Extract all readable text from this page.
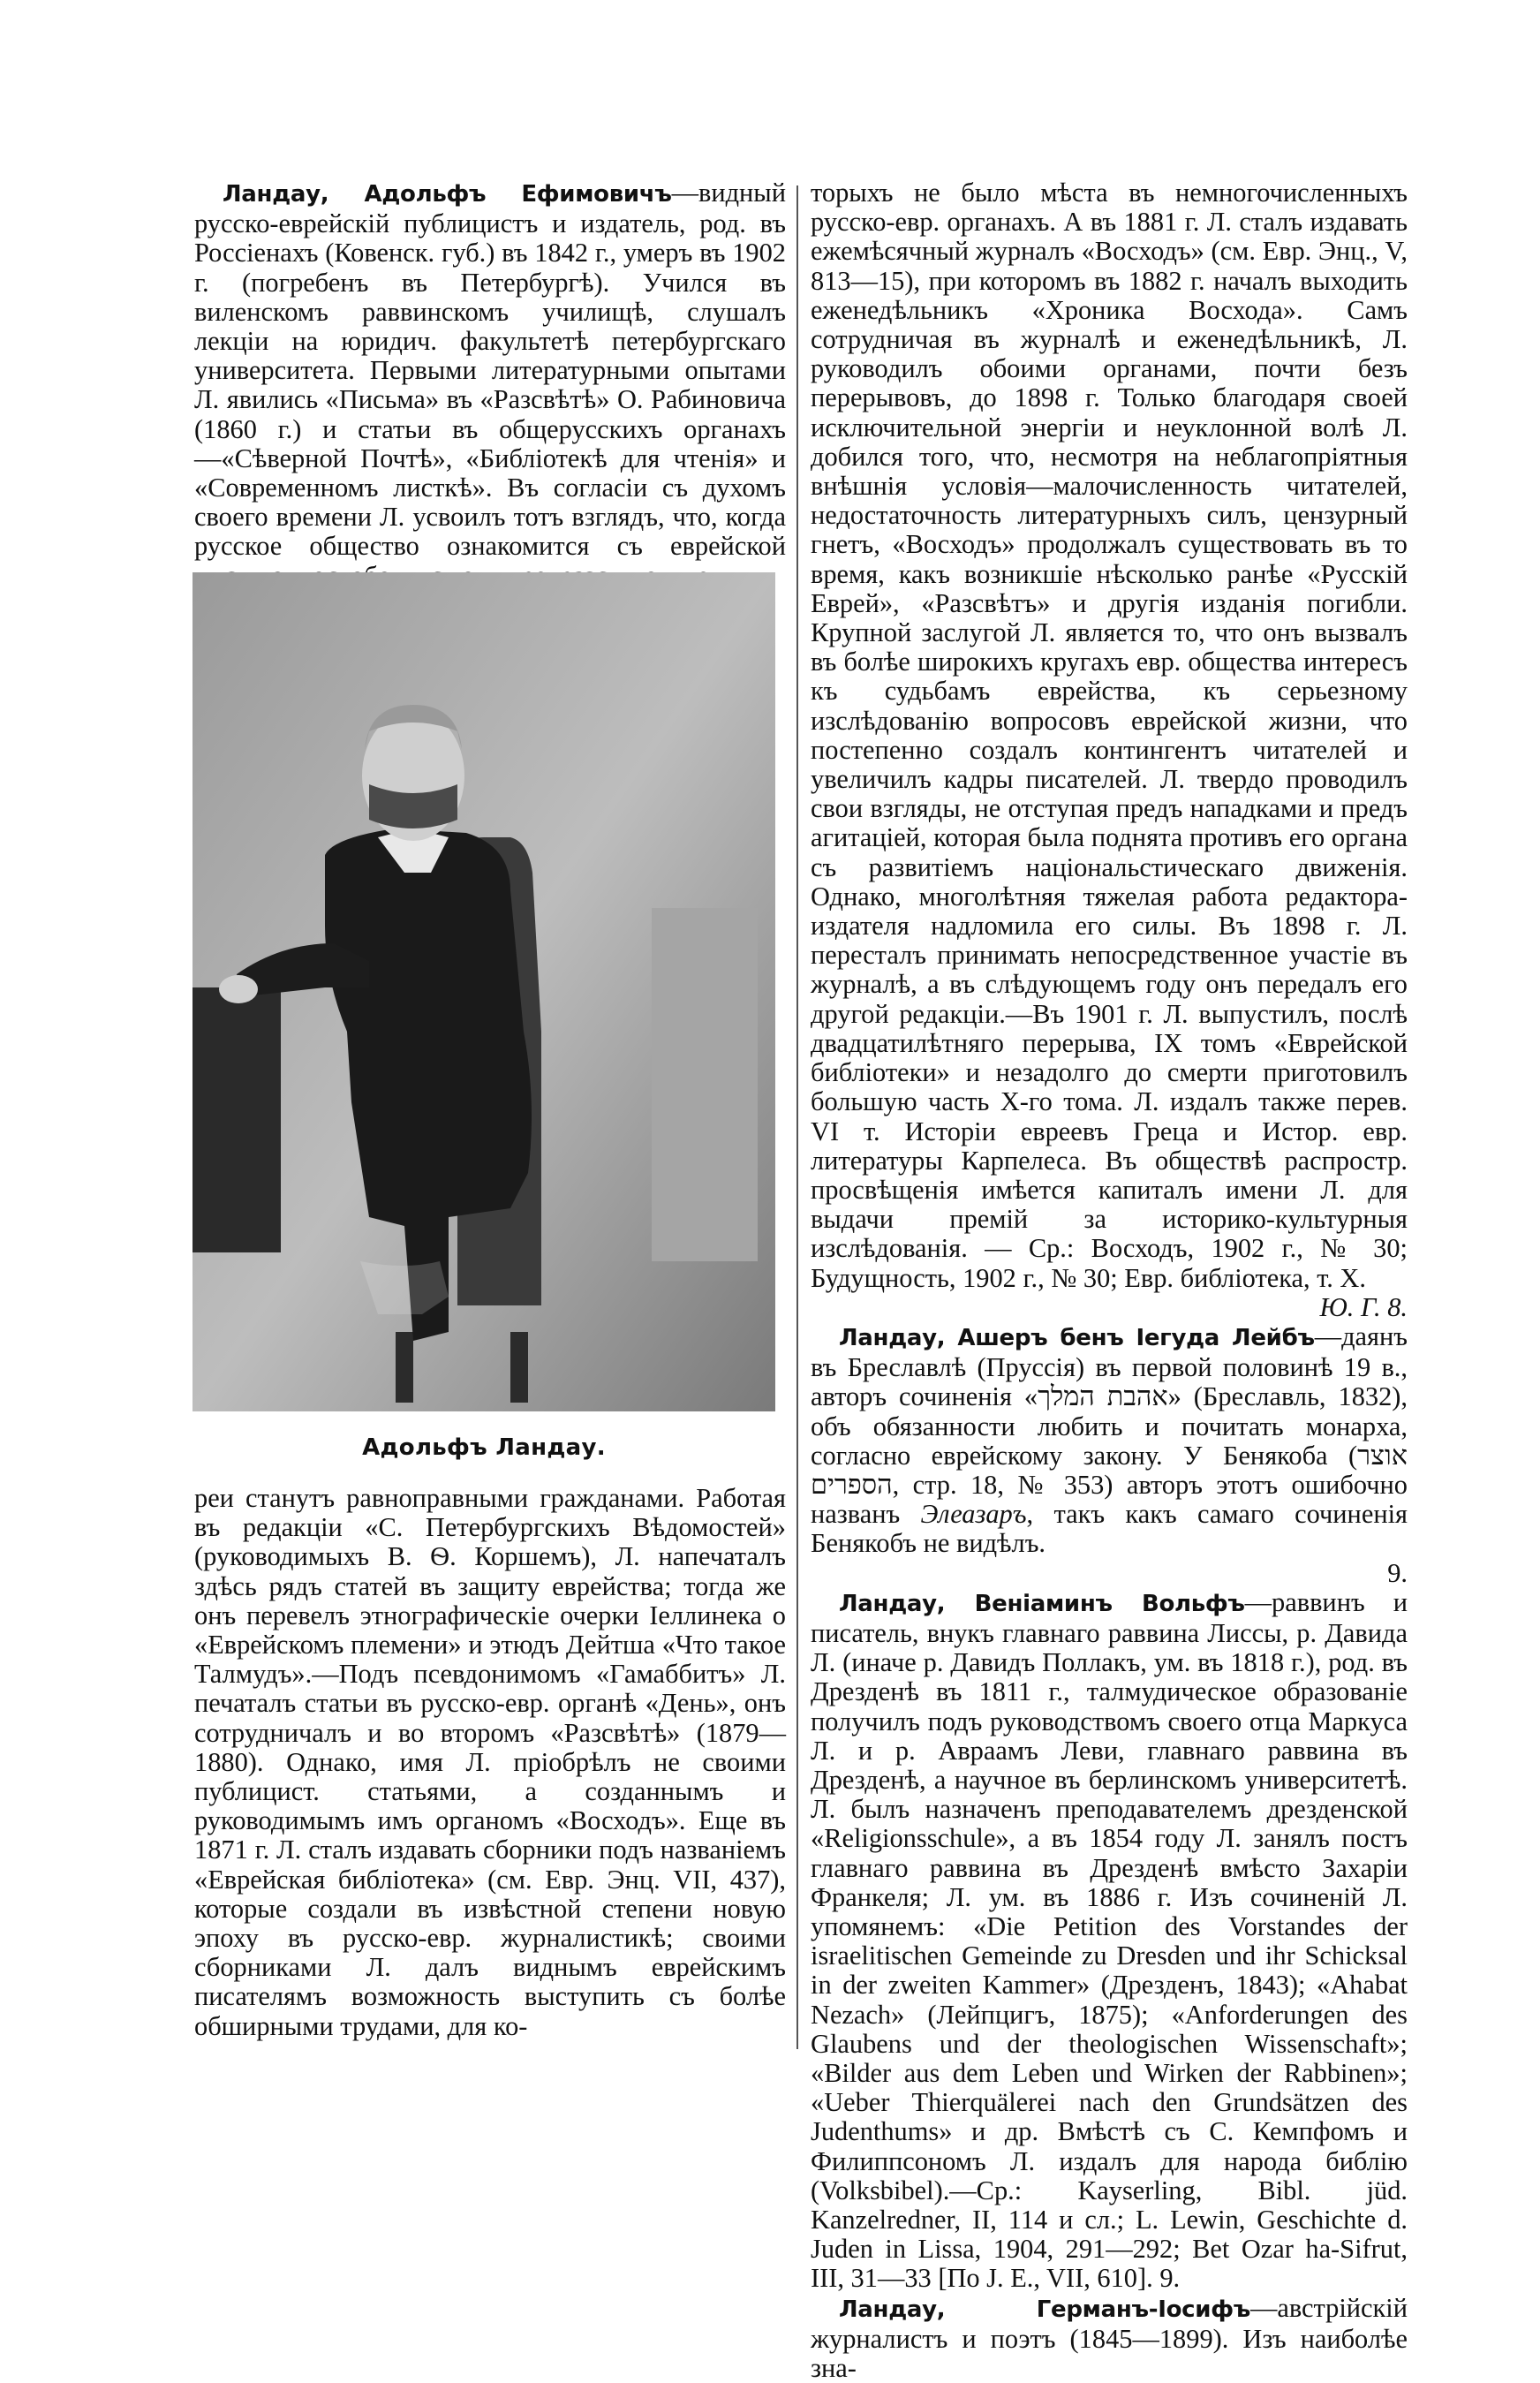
Ландау, Адольфъ Ефимовичъ—видный русско-еврейскій публицистъ и издатель, род. въ Россіенахъ (Ковенск. губ.) въ 1842 г., умеръ въ 1902 г. (погребенъ въ Петербургѣ). Учился въ виленскомъ раввинскомъ училищѣ, слушалъ лекціи на юридич. факультетѣ петербургскаго университета. Первыми литературными опытами Л. явились «Письма» въ «Разсвѣтѣ» О. Рабиновича (1860 г.) и статьи въ общерусскихъ органахъ—«Сѣверной Почтѣ», «Библіотекѣ для чтенія» и «Современномъ листкѣ». Въ согласіи съ духомъ своего времени Л. усвоилъ тотъ взглядъ, что, когда русское общество ознакомится съ еврейской

Адольфъ Ландау.

реи станутъ равноправными гражданами. Работая въ редакціи «С. Петербургскихъ Вѣдомостей» (руководимыхъ В. Ѳ. Коршемъ), Л. напечаталъ здѣсь рядъ статей въ защиту еврейства; тогда же онъ перевелъ этнографическіе очерки Іеллинека о «Еврейскомъ племени» и этюдъ Дейтша «Что такое Талмудъ».—Подъ псевдонимомъ «Гамаббитъ» Л. печаталъ статьи въ русско-евр. органѣ «День», онъ сотрудничалъ и во второмъ «Разсвѣтѣ» (1879—1880). Однако, имя Л. пріобрѣлъ не своими публицист. статьями, а созданнымъ и руководимымъ имъ органомъ «Восходъ». Еще въ 1871 г. Л. сталъ издавать сборники подъ названіемъ «Еврейская библіотека» (см. Евр. Энц. VII, 437), которые создали въ извѣстной степени новую эпоху въ русско-евр. журналистикѣ; своими сборниками Л. далъ виднымъ еврейскимъ писателямъ возможность выступить съ болѣе обширными трудами, для ко-

торыхъ не было мѣста въ немногочисленныхъ русско-евр. органахъ. А въ 1881 г. Л. сталъ издавать ежемѣсячный журналъ «Восходъ» (см. Евр. Энц., V, 813—15), при которомъ въ 1882 г. началъ выходить еженедѣльникъ «Хроника Восхода». Самъ сотрудничая въ журналѣ и еженедѣльникѣ, Л. руководилъ обоими органами, почти безъ перерывовъ, до 1898 г. Только благодаря своей исключительной энергіи и неуклонной волѣ Л. добился того, что, несмотря на неблагопріятныя внѣшнія условія—малочисленность читателей, недостаточность литературныхъ силъ, цензурный гнетъ, «Восходъ» продолжалъ существовать въ то время, какъ возникшіе нѣсколько ранѣе «Русскій Еврей», «Разсвѣтъ» и другія изданія погибли. Крупной заслугой Л. является то, что онъ вызвалъ въ болѣе широкихъ кругахъ евр. общества интересъ къ судьбамъ еврейства, къ серьезному изслѣдованію вопросовъ еврейской жизни, что постепенно создалъ контингентъ читателей и увеличилъ кадры писателей. Л. твердо проводилъ свои взгляды, не отступая предъ нападками и предъ агитаціей, которая была поднята противъ его органа съ развитіемъ національстическаго движенія. Однако, многолѣтняя тяжелая работа редактора-издателя надломила его силы. Въ 1898 г. Л. пересталъ принимать непосредственное участіе въ журналѣ, а въ слѣдующемъ году онъ передалъ его другой редакціи.—Въ 1901 г. Л. выпустилъ, послѣ двадцатилѣтняго перерыва, IX томъ «Еврейской библіотеки» и незадолго до смерти приготовилъ большую часть X-го тома. Л. издалъ также перев. VI т. Исторіи евреевъ Греца и Истор. евр. литературы Карпелеса. Въ обществѣ распростр. просвѣщенія имѣется капиталъ имени Л. для выдачи премій за историко-культурныя изслѣдованія. — Ср.: Восходъ, 1902 г., № 30; Будущность, 1902 г., № 30; Евр. библіотека, т. X.
Ю. Г. 8.

Ландау, Ашеръ бенъ Іегуда Лейбъ—даянъ въ Бреславлѣ (Пруссія) въ первой половинѣ 19 в., авторъ сочиненія «אהבת המלך» (Бреславль, 1832), объ обязанности любить и почитать монарха, согласно еврейскому закону. У Бенякоба (אוצר הספרים, стр. 18, № 353) авторъ этотъ ошибочно названъ Элеазаръ, такъ какъ самаго сочиненія Бенякобъ не видѣлъ.
9.

Ландау, Веніаминъ Вольфъ—раввинъ и писатель, внукъ главнаго раввина Лиссы, р. Давида Л. (иначе р. Давидъ Поллакъ, ум. въ 1818 г.), род. въ Дрезденѣ въ 1811 г., талмудическое образованіе получилъ подъ руководствомъ своего отца Маркуса Л. и р. Авраамъ Леви, главнаго раввина въ Дрезденѣ, а научное въ берлинскомъ университетѣ. Л. былъ назначенъ преподавателемъ дрезденской «Religionsschule», а въ 1854 году Л. занялъ постъ главнаго раввина въ Дрезденѣ вмѣсто Захаріи Франкеля; Л. ум. въ 1886 г. Изъ сочиненій Л. упомянемъ: «Die Petition des Vorstandes der israelitischen Gemeinde zu Dresden und ihr Schicksal in der zweiten Kammer» (Дрезденъ, 1843); «Ahabat Nezach» (Лейпцигъ, 1875); «Anforderungen des Glaubens und der theologischen Wissenschaft»; «Bilder aus dem Leben und Wirken der Rabbinen»; «Ueber Thierquälerei nach den Grundsätzen des Judenthums» и др. Вмѣстѣ съ С. Кемпфомъ и Филиппсономъ Л. издалъ для народа библію (Volksbibel).—Ср.: Kayserling, Bibl. jüd. Kanzelredner, II, 114 и сл.; L. Lewin, Geschichte d. Juden in Lissa, 1904, 291—292; Bet Ozar ha-Sifrut, III, 31—33 [По J. E., VII, 610]. 9.

Ландау, Германъ-Іосифъ—австрійскій журналистъ и поэтъ (1845—1899). Изъ наиболѣе зна-
